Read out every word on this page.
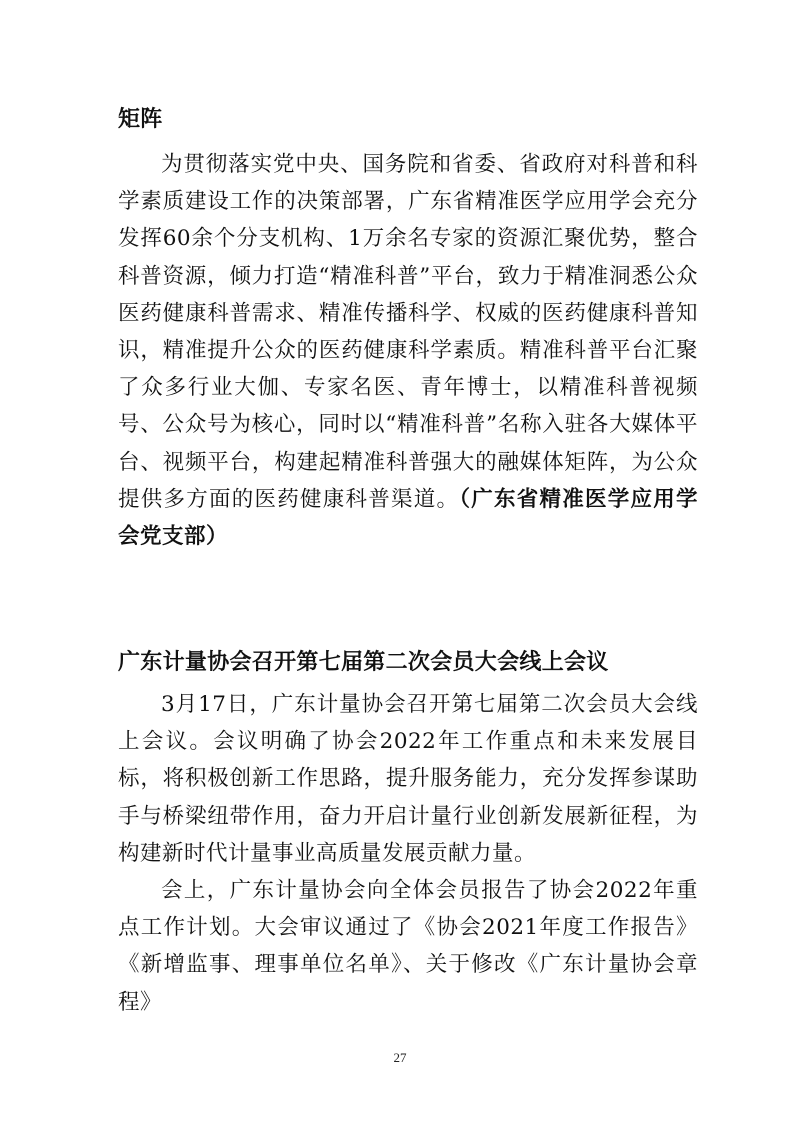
矩阵

为贯彻落实党中央、国务院和省委、省政府对科普和科学素质建设工作的决策部署，广东省精准医学应用学会充分发挥60余个分支机构、1万余名专家的资源汇聚优势，整合科普资源，倾力打造“精准科普”平台，致力于精准洞悉公众医药健康科普需求、精准传播科学、权威的医药健康科普知识，精准提升公众的医药健康科学素质。精准科普平台汇聚了众多行业大伽、专家名医、青年博士，以精准科普视频号、公众号为核心，同时以“精准科普”名称入驻各大媒体平台、视频平台，构建起精准科普强大的融媒体矩阵，为公众提供多方面的医药健康科普渠道。（广东省精准医学应用学会党支部）

广东计量协会召开第七届第二次会员大会线上会议

3月17日，广东计量协会召开第七届第二次会员大会线上会议。会议明确了协会2022年工作重点和未来发展目标，将积极创新工作思路，提升服务能力，充分发挥参谋助手与桥梁纽带作用，奋力开启计量行业创新发展新征程，为构建新时代计量事业高质量发展贡献力量。

会上，广东计量协会向全体会员报告了协会2022年重点工作计划。大会审议通过了《协会2021年度工作报告》《新增监事、理事单位名单》、关于修改《广东计量协会章程》

27
